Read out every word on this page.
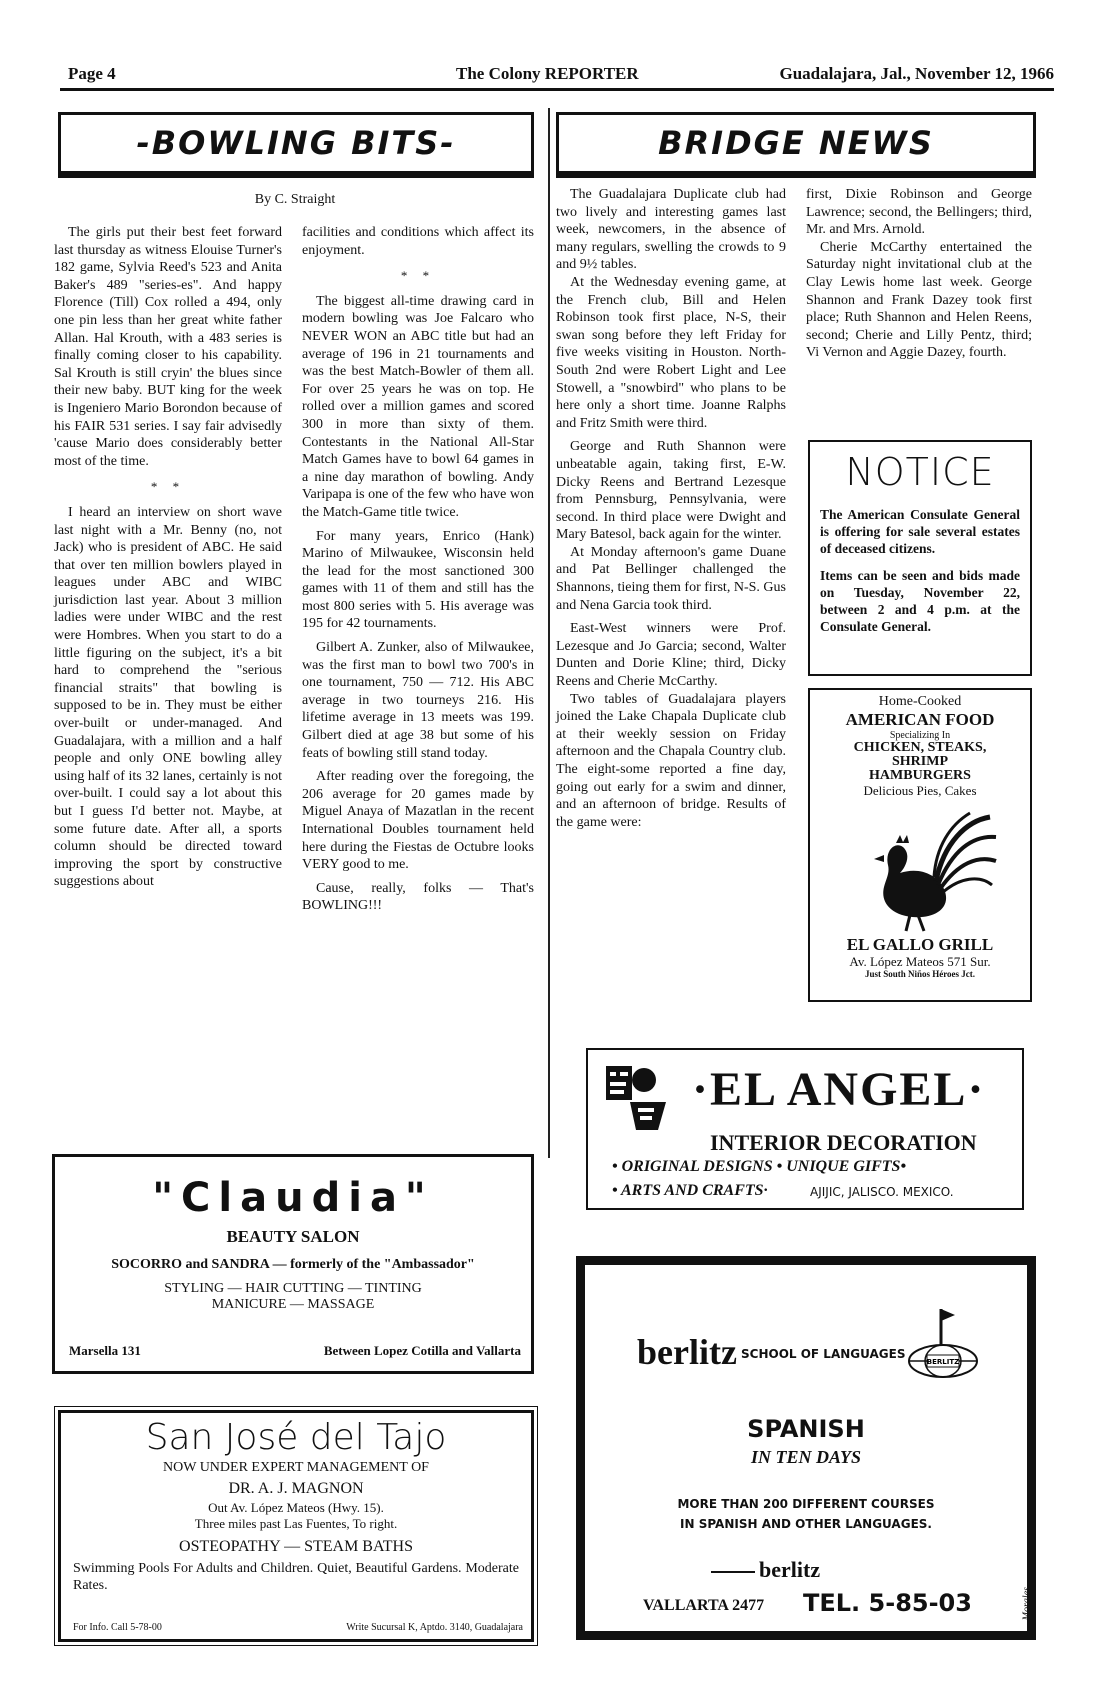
Page 4	The Colony REPORTER	Guadalajara, Jal., November 12, 1966
-BOWLING BITS-
By C. Straight

The girls put their best feet forward last thursday as witness Elouise Turner's 182 game, Sylvia Reed's 523 and Anita Baker's 489 "series-es". And happy Florence (Till) Cox rolled a 494, only one pin less than her great white father Allan. Hal Krouth, with a 483 series is finally coming closer to his capability. Sal Krouth is still cryin' the blues since their new baby. BUT king for the week is Ingeniero Mario Borondon because of his FAIR 531 series. I say fair advisedly 'cause Mario does considerably better most of the time.

* *

I heard an interview on short wave last night with a Mr. Benny (no, not Jack) who is president of ABC. He said that over ten million bowlers played in leagues under ABC and WIBC jurisdiction last year. About 3 million ladies were under WIBC and the rest were Hombres. When you start to do a little figuring on the subject, it's a bit hard to comprehend the "serious financial straits" that bowling is supposed to be in. They must be either over-built or under-managed. And Guadalajara, with a million and a half people and only ONE bowling alley using half of its 32 lanes, certainly is not over-built. I could say a lot about this but I guess I'd better not. Maybe, at some future date. After all, a sports column should be directed toward improving the sport by constructive suggestions about

facilities and conditions which affect its enjoyment.

* *

The biggest all-time drawing card in modern bowling was Joe Falcaro who NEVER WON an ABC title but had an average of 196 in 21 tournaments and was the best Match-Bowler of them all. For over 25 years he was on top. He rolled over a million games and scored 300 in more than sixty of them. Contestants in the National All-Star Match Games have to bowl 64 games in a nine day marathon of bowling. Andy Varipapa is one of the few who have won the Match-Game title twice.

For many years, Enrico (Hank) Marino of Milwaukee, Wisconsin held the lead for the most sanctioned 300 games with 11 of them and still has the most 800 series with 5. His average was 195 for 42 tournaments.

Gilbert A. Zunker, also of Milwaukee, was the first man to bowl two 700's in one tournament, 750 — 712. His ABC average in two tourneys 216. His lifetime average in 13 meets was 199. Gilbert died at age 38 but some of his feats of bowling still stand today.

After reading over the foregoing, the 206 average for 20 games made by Miguel Anaya of Mazatlan in the recent International Doubles tournament held here during the Fiestas de Octubre looks VERY good to me.

Cause, really, folks — That's BOWLING!!!

BRIDGE NEWS

The Guadalajara Duplicate club had two lively and interesting games last week, newcomers, in the absence of many regulars, swelling the crowds to 9 and 9½ tables.

At the Wednesday evening game, at the French club, Bill and Helen Robinson took first place, N-S, their swan song before they left Friday for five weeks visiting in Houston. North-South 2nd were Robert Light and Lee Stowell, a "snowbird" who plans to be here only a short time. Joanne Ralphs and Fritz Smith were third.

George and Ruth Shannon were unbeatable again, taking first, E-W. Dicky Reens and Bertrand Lezesque from Pennsburg, Pennsylvania, were second. In third place were Dwight and Mary Batesol, back again for the winter.

At Monday afternoon's game Duane and Pat Bellinger challenged the Shannons, tieing them for first, N-S. Gus and Nena Garcia took third.

East-West winners were Prof. Lezesque and Jo Garcia; second, Walter Dunten and Dorie Kline; third, Dicky Reens and Cherie McCarthy.

Two tables of Guadalajara players joined the Lake Chapala Duplicate club at their weekly session on Friday afternoon and the Chapala Country club. The eight-some reported a fine day, going out early for a swim and dinner, and an afternoon of bridge. Results of the game were:

first, Dixie Robinson and George Lawrence; second, the Bellingers; third, Mr. and Mrs. Arnold.

Cherie McCarthy entertained the Saturday night invitational club at the Clay Lewis home last week. George Shannon and Frank Dazey took first place; Ruth Shannon and Helen Reens, second; Cherie and Lilly Pentz, third; Vi Vernon and Aggie Dazey, fourth.

NOTICE
The American Consulate General is offering for sale several estates of deceased citizens.
Items can be seen and bids made on Tuesday, November 22, between 2 and 4 p.m. at the Consulate General.
Home-Cooked
AMERICAN FOOD
Specializing In
CHICKEN, STEAKS,
SHRIMP
HAMBURGERS
Delicious Pies, Cakes
EL GALLO GRILL
Av. López Mateos 571 Sur.
Just South Niños Héroes Jct.
·EL ANGEL·
INTERIOR DECORATION
• ORIGINAL DESIGNS • UNIQUE GIFTS•
• ARTS AND CRAFTS·	AJIJIC, JALISCO. MEXICO.
"Claudia"
BEAUTY SALON
SOCORRO and SANDRA — formerly of the "Ambassador"
STYLING — HAIR CUTTING — TINTING
MANICURE — MASSAGE
Marsella 131	Between Lopez Cotilla and Vallarta	berlitz SCHOOL OF LANGUAGES
BERLITZ
SPANISH
IN TEN DAYS
MORE THAN 200 DIFFERENT COURSES
IN SPANISH AND OTHER LANGUAGES.
berlitz
VALLARTA 2477 TEL. 5-85-03	Morales
San José del Tajo
NOW UNDER EXPERT MANAGEMENT OF
DR. A. J. MAGNON
Out Av. López Mateos (Hwy. 15).
Three miles past Las Fuentes, To right.
OSTEOPATHY — STEAM BATHS
Swimming Pools For Adults and Children. Quiet, Beautiful Gardens. Moderate Rates.
For Info. Call 5-78-00	Write Sucursal K, Aptdo. 3140, Guadalajara
